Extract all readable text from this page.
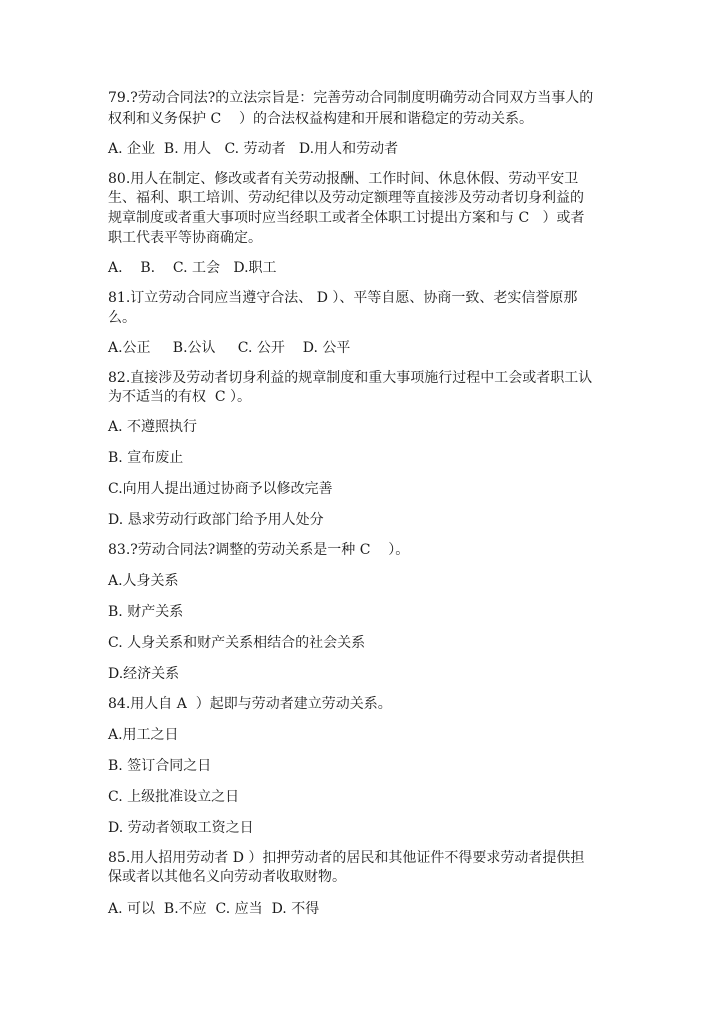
79.?劳动合同法?的立法宗旨是：完善劳动合同制度明确劳动合同双方当事人的
权利和义务保护 C    ）的合法权益构建和开展和谐稳定的劳动关系。
A. 企业  B. 用人   C. 劳动者   D.用人和劳动者
80.用人在制定、修改或者有关劳动报酬、工作时间、休息休假、劳动平安卫
生、福利、职工培训、劳动纪律以及劳动定额理等直接涉及劳动者切身利益的
规章制度或者重大事项时应当经职工或者全体职工讨提出方案和与 C   ）或者
职工代表平等协商确定。
A.    B.    C. 工会   D.职工
81.订立劳动合同应当遵守合法、 D ）、平等自愿、协商一致、老实信誉原那
么。
A.公正     B.公认     C. 公开    D. 公平
82.直接涉及劳动者切身利益的规章制度和重大事项施行过程中工会或者职工认
为不适当的有权  C ）。
A. 不遵照执行
B. 宣布废止
C.向用人提出通过协商予以修改完善
D. 恳求劳动行政部门给予用人处分
83.?劳动合同法?调整的劳动关系是一种 C    ）。
A.人身关系
B. 财产关系
C. 人身关系和财产关系相结合的社会关系
D.经济关系
84.用人自 A  ）起即与劳动者建立劳动关系。
A.用工之日
B. 签订合同之日
C. 上级批准设立之日
D. 劳动者领取工资之日
85.用人招用劳动者 D ）扣押劳动者的居民和其他证件不得要求劳动者提供担
保或者以其他名义向劳动者收取财物。
A. 可以  B.不应  C. 应当  D. 不得
